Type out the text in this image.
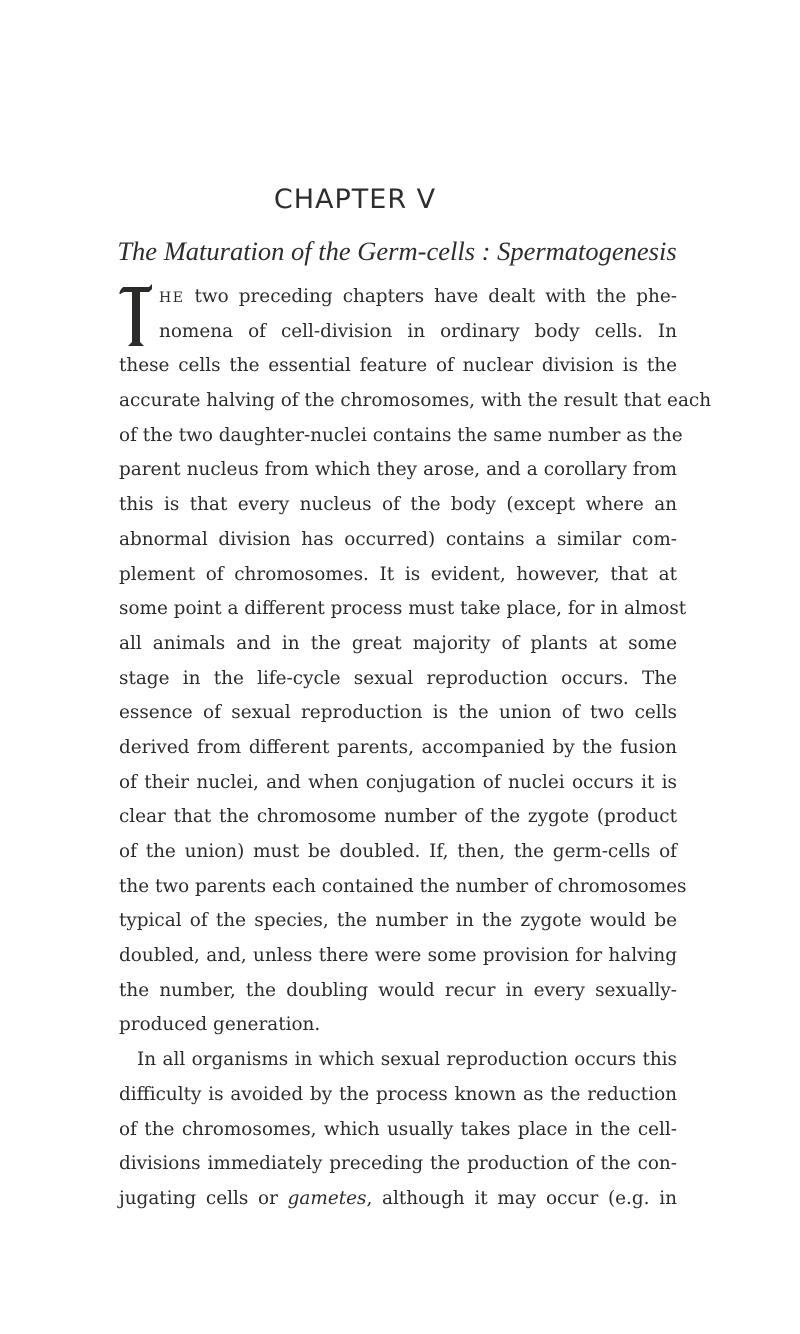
CHAPTER V
The Maturation of the Germ-cells : Spermatogenesis
T
HE two preceding chapters have dealt with the phe-
nomena of cell-division in ordinary body cells. In
these cells the essential feature of nuclear division is the
accurate halving of the chromosomes, with the result that each
of the two daughter-nuclei contains the same number as the
parent nucleus from which they arose, and a corollary from
this is that every nucleus of the body (except where an
abnormal division has occurred) contains a similar com-
plement of chromosomes. It is evident, however, that at
some point a different process must take place, for in almost
all animals and in the great majority of plants at some
stage in the life-cycle sexual reproduction occurs. The
essence of sexual reproduction is the union of two cells
derived from different parents, accompanied by the fusion
of their nuclei, and when conjugation of nuclei occurs it is
clear that the chromosome number of the zygote (product
of the union) must be doubled. If, then, the germ-cells of
the two parents each contained the number of chromosomes
typical of the species, the number in the zygote would be
doubled, and, unless there were some provision for halving
the number, the doubling would recur in every sexually-
produced generation.
In all organisms in which sexual reproduction occurs this
difficulty is avoided by the process known as the reduction
of the chromosomes, which usually takes place in the cell-
divisions immediately preceding the production of the con-
jugating cells or gametes, although it may occur (e.g. in
